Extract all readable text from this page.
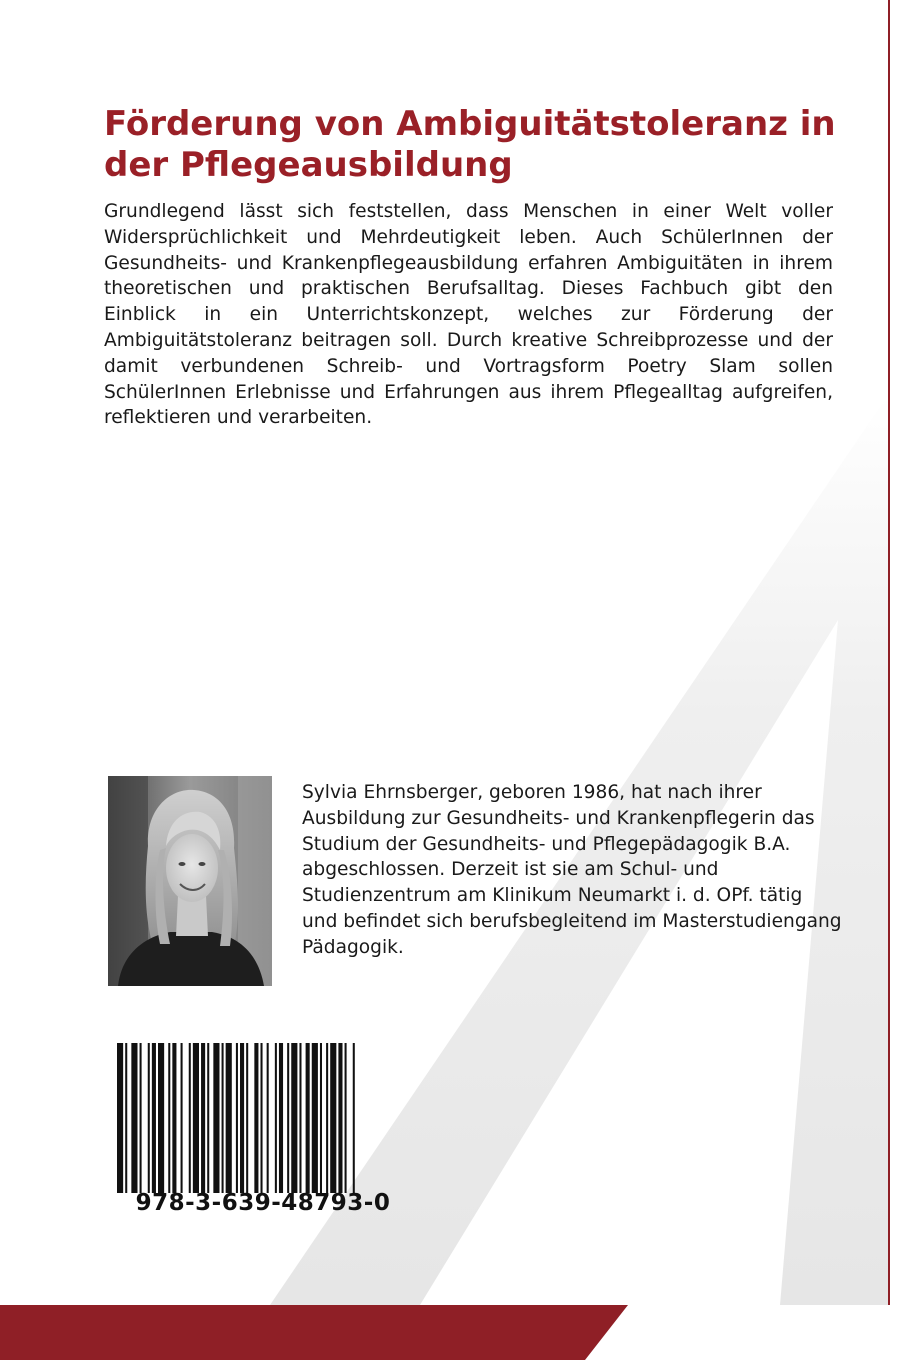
Förderung von Ambiguitätstoleranz in der Pflegeausbildung

Grundlegend lässt sich feststellen, dass Menschen in einer Welt voller Widersprüchlichkeit und Mehrdeutigkeit leben. Auch SchülerInnen der Gesundheits- und Krankenpflegeausbildung erfahren Ambiguitäten in ihrem theoretischen und praktischen Berufsalltag. Dieses Fachbuch gibt den Einblick in ein Unterrichtskonzept, welches zur Förderung der Ambiguitätstoleranz beitragen soll. Durch kreative Schreibprozesse und der damit verbundenen Schreib- und Vortragsform Poetry Slam sollen SchülerInnen Erlebnisse und Erfahrungen aus ihrem Pflegealltag aufgreifen, reflektieren und verarbeiten.

Sylvia Ehrnsberger, geboren 1986, hat nach ihrer Ausbildung zur Gesundheits- und Krankenpflegerin das Studium der Gesundheits- und Pflegepädagogik B.A. abgeschlossen. Derzeit ist sie am Schul- und Studienzentrum am Klinikum Neumarkt i. d. OPf. tätig und befindet sich berufsbegleitend im Masterstudiengang Pädagogik.

978-3-639-48793-0
